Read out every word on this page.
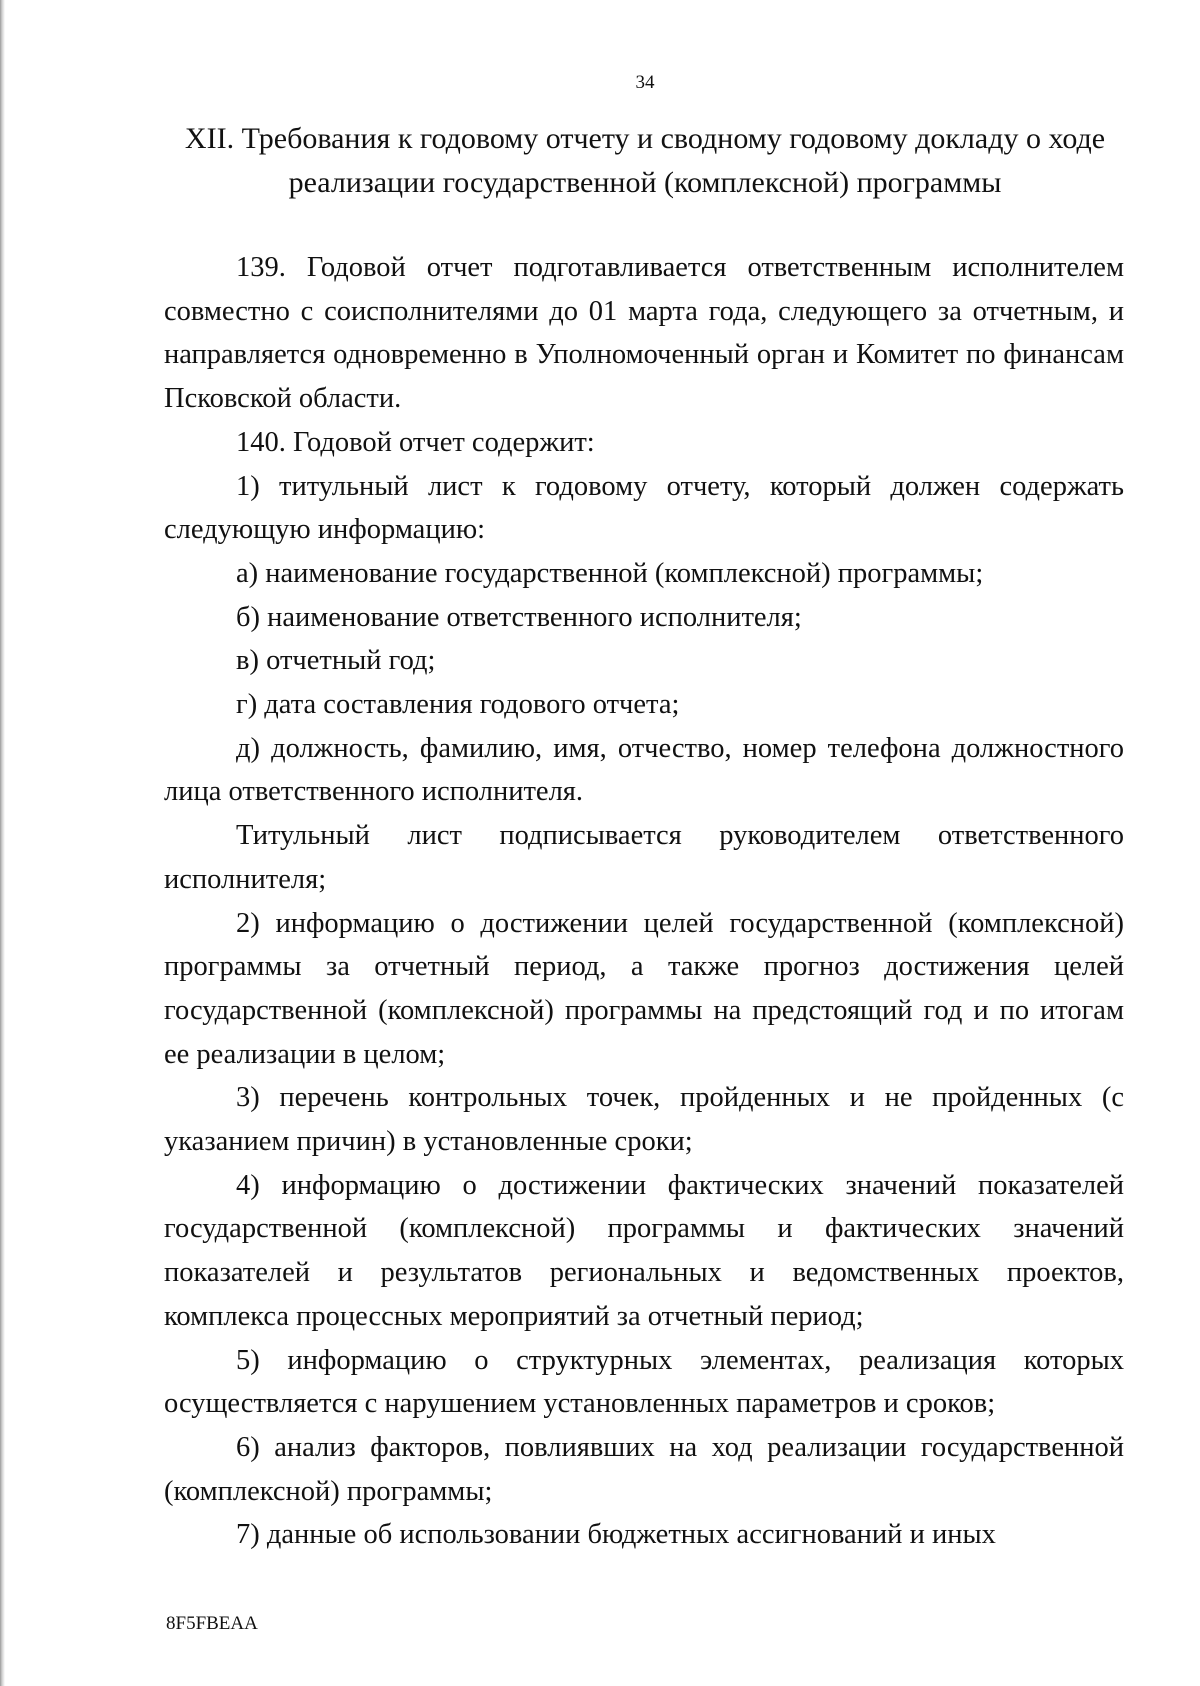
34
XII. Требования к годовому отчету и сводному годовому докладу о ходе
реализации государственной (комплексной) программы

139. Годовой отчет подготавливается ответственным исполнителем совместно с соисполнителями до 01 марта года, следующего за отчетным, и направляется одновременно в Уполномоченный орган и Комитет по финансам Псковской области.

140. Годовой отчет содержит:

1) титульный лист к годовому отчету, который должен содержать следующую информацию:

а) наименование государственной (комплексной) программы;

б) наименование ответственного исполнителя;

в) отчетный год;

г) дата составления годового отчета;

д) должность, фамилию, имя, отчество, номер телефона должностного лица ответственного исполнителя.

Титульный лист подписывается руководителем ответственного исполнителя;

2) информацию о достижении целей государственной (комплексной) программы за отчетный период, а также прогноз достижения целей государственной (комплексной) программы на предстоящий год и по итогам ее реализации в целом;

3) перечень контрольных точек, пройденных и не пройденных (с указанием причин) в установленные сроки;

4) информацию о достижении фактических значений показателей государственной (комплексной) программы и фактических значений показателей и результатов региональных и ведомственных проектов, комплекса процессных мероприятий за отчетный период;

5) информацию о структурных элементах, реализация которых осуществляется с нарушением установленных параметров и сроков;

6) анализ факторов, повлиявших на ход реализации государственной (комплексной) программы;

7) данные об использовании бюджетных ассигнований и иных

8F5FBEAA
